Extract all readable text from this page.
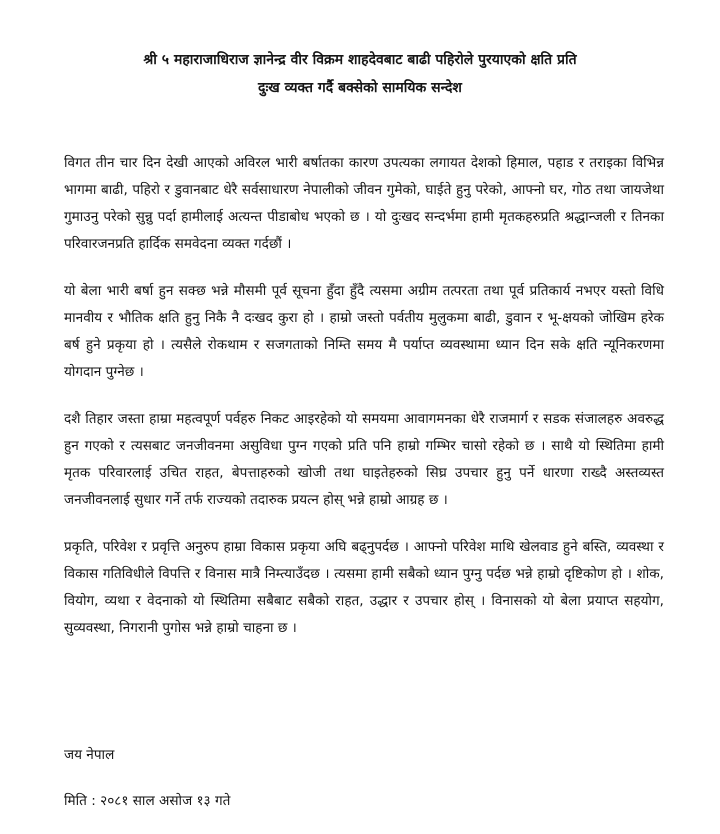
श्री ५ महाराजाधिराज ज्ञानेन्द्र वीर विक्रम शाहदेवबाट बाढी पहिरोले पुरयाएको क्षति प्रति
दुःख व्यक्त गर्दै बक्सेको सामयिक सन्देश

विगत तीन चार दिन देखी आएको अविरल भारी बर्षातका कारण उपत्यका लगायत देशको हिमाल, पहाड र तराइका विभिन्न भागमा बाढी, पहिरो र डुवानबाट धेरै सर्वसाधारण नेपालीको जीवन गुमेको, घाईते हुनु परेको, आफ्नो घर, गोठ तथा जायजेथा गुमाउनु परेको सुन्नु पर्दा हामीलाई अत्यन्त पीडाबोध भएको छ । यो दुःखद सन्दर्भमा हामी मृतकहरुप्रति श्रद्धान्जली र तिनका परिवारजनप्रति हार्दिक समवेदना व्यक्त गर्दछौं ।

यो बेला भारी बर्षा हुन सक्छ भन्ने मौसमी पूर्व सूचना हुँदा हुँदै त्यसमा अग्रीम तत्परता तथा पूर्व प्रतिकार्य नभएर यस्तो विधि मानवीय र भौतिक क्षति हुनु निकै नै दःखद कुरा हो । हाम्रो जस्तो पर्वतीय मुलुकमा बाढी, डुवान र भू-क्षयको जोखिम हरेक बर्ष हुने प्रकृया हो । त्यसैले रोकथाम र सजगताको निम्ति समय मै पर्याप्त व्यवस्थामा ध्यान दिन सके क्षति न्यूनिकरणमा योगदान पुग्नेछ ।

दशै तिहार जस्ता हाम्रा महत्वपूर्ण पर्वहरु निकट आइरहेको यो समयमा आवागमनका धेरै राजमार्ग र सडक संजालहरु अवरुद्ध हुन गएको र त्यसबाट जनजीवनमा असुविधा पुग्न गएको प्रति पनि हाम्रो गम्भिर चासो रहेको छ । साथै यो स्थितिमा हामी मृतक परिवारलाई उचित राहत, बेपत्ताहरुको खोजी तथा घाइतेहरुको सिघ्र उपचार हुनु पर्ने धारणा राख्दै अस्तव्यस्त जनजीवनलाई सुधार गर्ने तर्फ राज्यको तदारुक प्रयत्न होस् भन्ने हाम्रो आग्रह छ ।

प्रकृति, परिवेश र प्रवृत्ति अनुरुप हाम्रा विकास प्रकृया अघि बढ्नुपर्दछ । आफ्नो परिवेश माथि खेलवाड हुने बस्ति, व्यवस्था र विकास गतिविधीले विपत्ति र विनास मात्रै निम्त्याउँदछ । त्यसमा हामी सबैको ध्यान पुग्नु पर्दछ भन्ने हाम्रो दृष्टिकोण हो । शोक, वियोग, व्यथा र वेदनाको यो स्थितिमा सबैबाट सबैको राहत, उद्धार र उपचार होस् । विनासको यो बेला प्रयाप्त सहयोग, सुव्यवस्था, निगरानी पुगोस भन्ने हाम्रो चाहना छ ।

जय नेपाल
मिति : २०८१ साल असोज १३ गते
